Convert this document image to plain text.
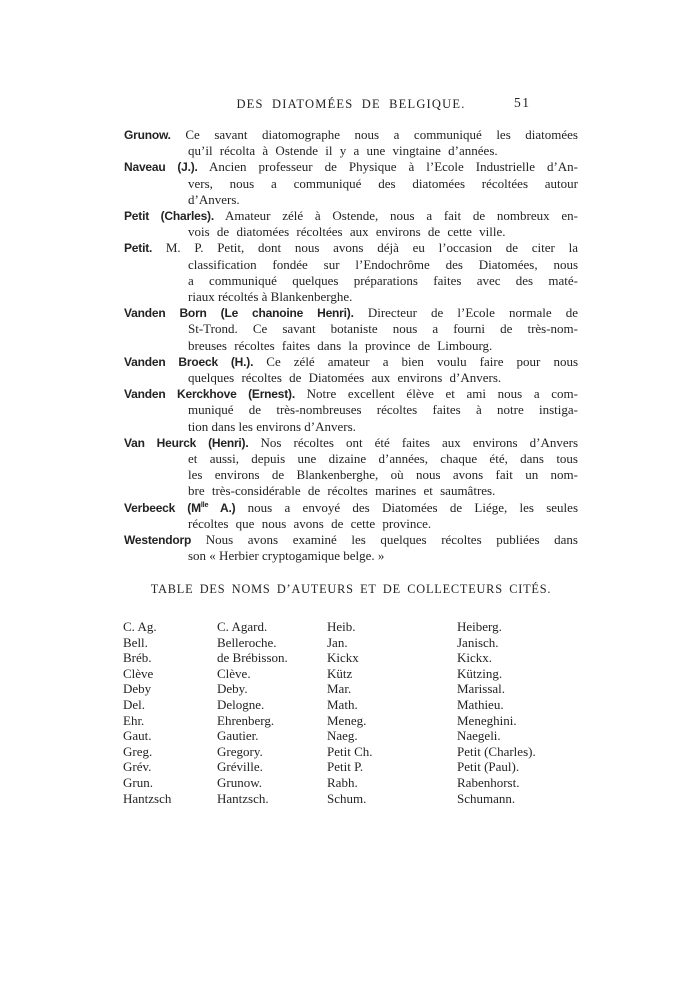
DES DIATOMÉES DE BELGIQUE.	51
Grunow. Ce savant diatomographe nous a communiqué les diatomées
qu’il récolta à Ostende il y a une vingtaine d’années.
Naveau (J.). Ancien professeur de Physique à l’Ecole Industrielle d’An-
vers, nous a communiqué des diatomées récoltées autour
d’Anvers.
Petit (Charles). Amateur zélé à Ostende, nous a fait de nombreux en-
vois de diatomées récoltées aux environs de cette ville.
Petit. M. P. Petit, dont nous avons déjà eu l’occasion de citer la
classification fondée sur l’Endochrôme des Diatomées, nous
a communiqué quelques préparations faites avec des maté-
riaux récoltés à Blankenberghe.
Vanden Born (Le chanoine Henri). Directeur de l’Ecole normale de
St-Trond. Ce savant botaniste nous a fourni de très-nom-
breuses récoltes faites dans la province de Limbourg.
Vanden Broeck (H.). Ce zélé amateur a bien voulu faire pour nous
quelques récoltes de Diatomées aux environs d’Anvers.
Vanden Kerckhove (Ernest). Notre excellent élève et ami nous a com-
muniqué de très-nombreuses récoltes faites à notre instiga-
tion dans les environs d’Anvers.
Van Heurck (Henri). Nos récoltes ont été faites aux environs d’Anvers
et aussi, depuis une dizaine d’années, chaque été, dans tous
les environs de Blankenberghe, où nous avons fait un nom-
bre très-considérable de récoltes marines et saumâtres.
Verbeeck ($M^{lle}$ A.) nous a envoyé des Diatomées de Liége, les seules
récoltes que nous avons de cette province.
Westendorp Nous avons examiné les quelques récoltes publiées dans
son « Herbier cryptogamique belge. »
TABLE DES NOMS D’AUTEURS ET DE COLLECTEURS CITÉS.
C. Ag.	C. Agard.	Heib.	Heiberg.
Bell.	Belleroche.	Jan.	Janisch.
Bréb.	de Brébisson.	Kickx	Kickx.
Clève	Clève.	Kütz	Kützing.
Deby	Deby.	Mar.	Marissal.
Del.	Delogne.	Math.	Mathieu.
Ehr.	Ehrenberg.	Meneg.	Meneghini.
Gaut.	Gautier.	Naeg.	Naegeli.
Greg.	Gregory.	Petit Ch.	Petit (Charles).
Grév.	Gréville.	Petit P.	Petit (Paul).
Grun.	Grunow.	Rabh.	Rabenhorst.
Hantzsch	Hantzsch.	Schum.	Schumann.
